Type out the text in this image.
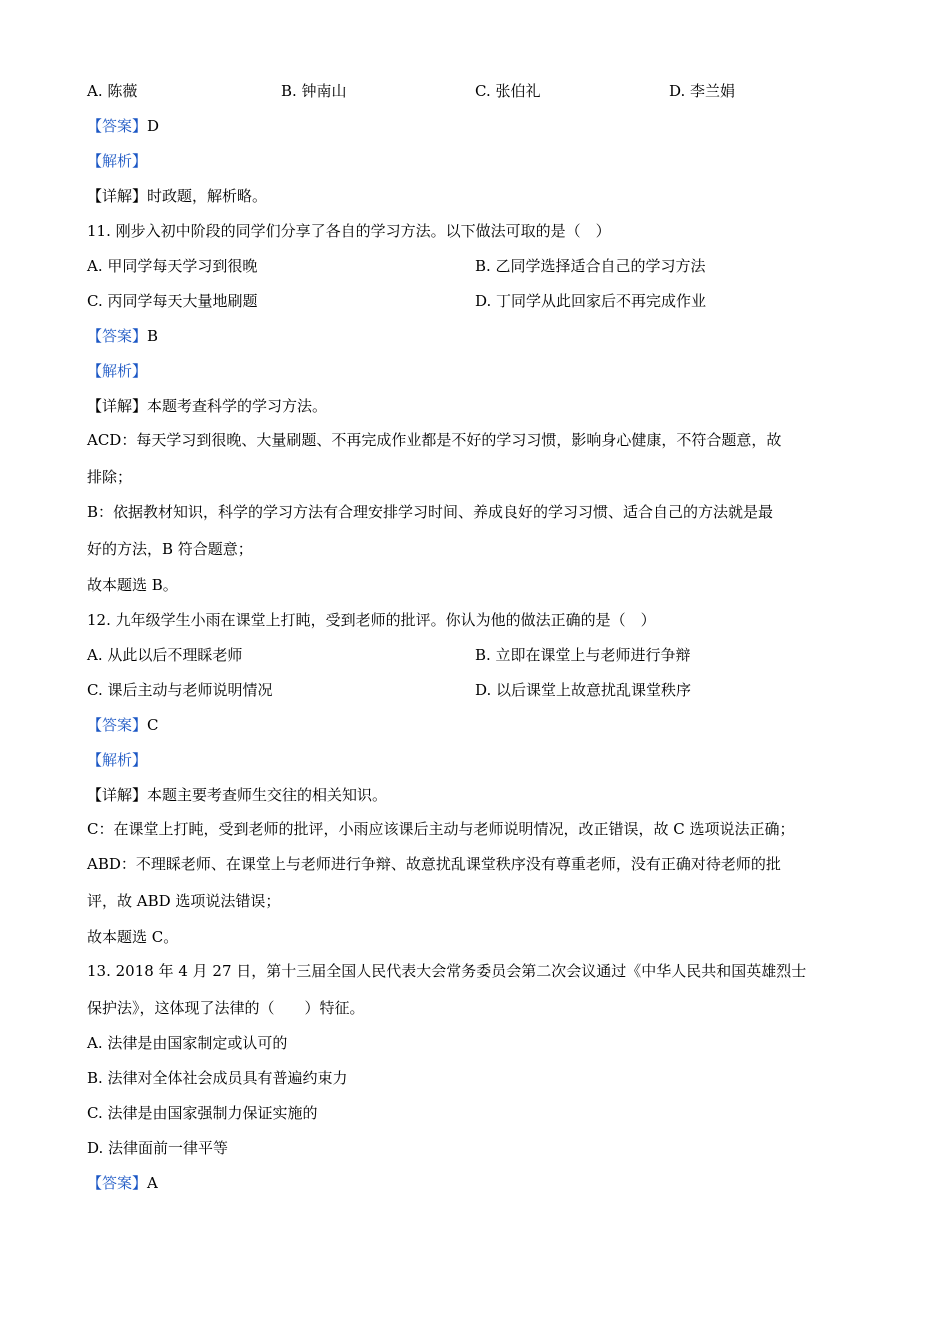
A. 陈薇	B. 钟南山	C. 张伯礼	D. 李兰娟
【答案】D
【解析】
【详解】时政题，解析略。
11. 刚步入初中阶段的同学们分享了各自的学习方法。以下做法可取的是（　）
A. 甲同学每天学习到很晚	B. 乙同学选择适合自己的学习方法
C. 丙同学每天大量地刷题	D. 丁同学从此回家后不再完成作业
【答案】B
【解析】
【详解】本题考查科学的学习方法。
ACD：每天学习到很晚、大量刷题、不再完成作业都是不好的学习习惯，影响身心健康，不符合题意，故
排除；
B：依据教材知识，科学的学习方法有合理安排学习时间、养成良好的学习习惯、适合自己的方法就是最
好的方法，B 符合题意；
故本题选 B。
12. 九年级学生小雨在课堂上打盹，受到老师的批评。你认为他的做法正确的是（　）
A. 从此以后不理睬老师	B. 立即在课堂上与老师进行争辩
C. 课后主动与老师说明情况	D. 以后课堂上故意扰乱课堂秩序
【答案】C
【解析】
【详解】本题主要考查师生交往的相关知识。
C：在课堂上打盹，受到老师的批评，小雨应该课后主动与老师说明情况，改正错误，故 C 选项说法正确；
ABD：不理睬老师、在课堂上与老师进行争辩、故意扰乱课堂秩序没有尊重老师，没有正确对待老师的批
评，故 ABD 选项说法错误；
故本题选 C。
13. 2018 年 4 月 27 日，第十三届全国人民代表大会常务委员会第二次会议通过《中华人民共和国英雄烈士
保护法》，这体现了法律的（　　）特征。
A. 法律是由国家制定或认可的
B. 法律对全体社会成员具有普遍约束力
C. 法律是由国家强制力保证实施的
D. 法律面前一律平等
【答案】A
